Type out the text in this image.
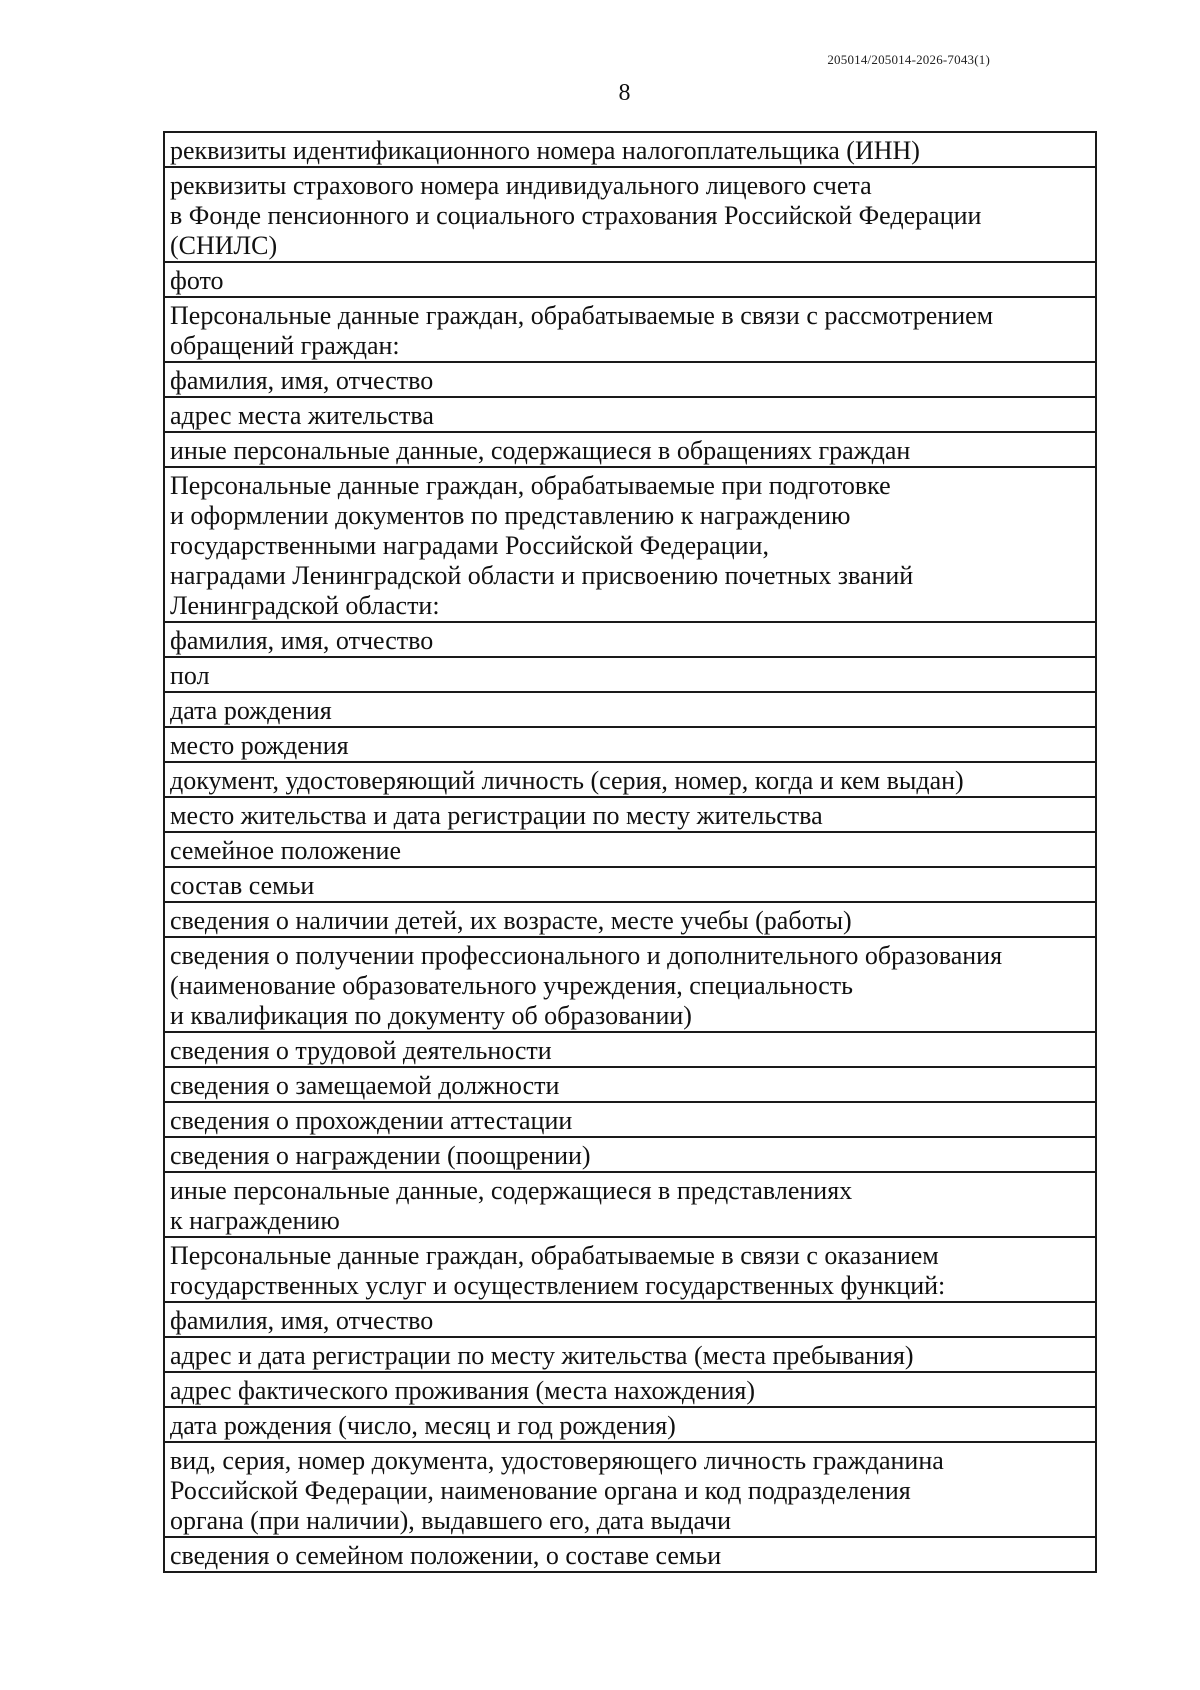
205014/205014-2026-7043(1)
8
реквизиты идентификационного номера налогоплательщика (ИНН)
реквизиты страхового номера индивидуального лицевого счета
в Фонде пенсионного и социального страхования Российской Федерации
(СНИЛС)
фото
Персональные данные граждан, обрабатываемые в связи с рассмотрением
обращений граждан:
фамилия, имя, отчество
адрес места жительства
иные персональные данные, содержащиеся в обращениях граждан
Персональные данные граждан, обрабатываемые при подготовке
и оформлении документов по представлению к награждению
государственными наградами Российской Федерации,
наградами Ленинградской области и присвоению почетных званий
Ленинградской области:
фамилия, имя, отчество
пол
дата рождения
место рождения
документ, удостоверяющий личность (серия, номер, когда и кем выдан)
место жительства и дата регистрации по месту жительства
семейное положение
состав семьи
сведения о наличии детей, их возрасте, месте учебы (работы)
сведения о получении профессионального и дополнительного образования
(наименование образовательного учреждения, специальность
и квалификация по документу об образовании)
сведения о трудовой деятельности
сведения о замещаемой должности
сведения о прохождении аттестации
сведения о награждении (поощрении)
иные персональные данные, содержащиеся в представлениях
к награждению
Персональные данные граждан, обрабатываемые в связи с оказанием
государственных услуг и осуществлением государственных функций:
фамилия, имя, отчество
адрес и дата регистрации по месту жительства (места пребывания)
адрес фактического проживания (места нахождения)
дата рождения (число, месяц и год рождения)
вид, серия, номер документа, удостоверяющего личность гражданина
Российской Федерации, наименование органа и код подразделения
органа (при наличии), выдавшего его, дата выдачи
сведения о семейном положении, о составе семьи
